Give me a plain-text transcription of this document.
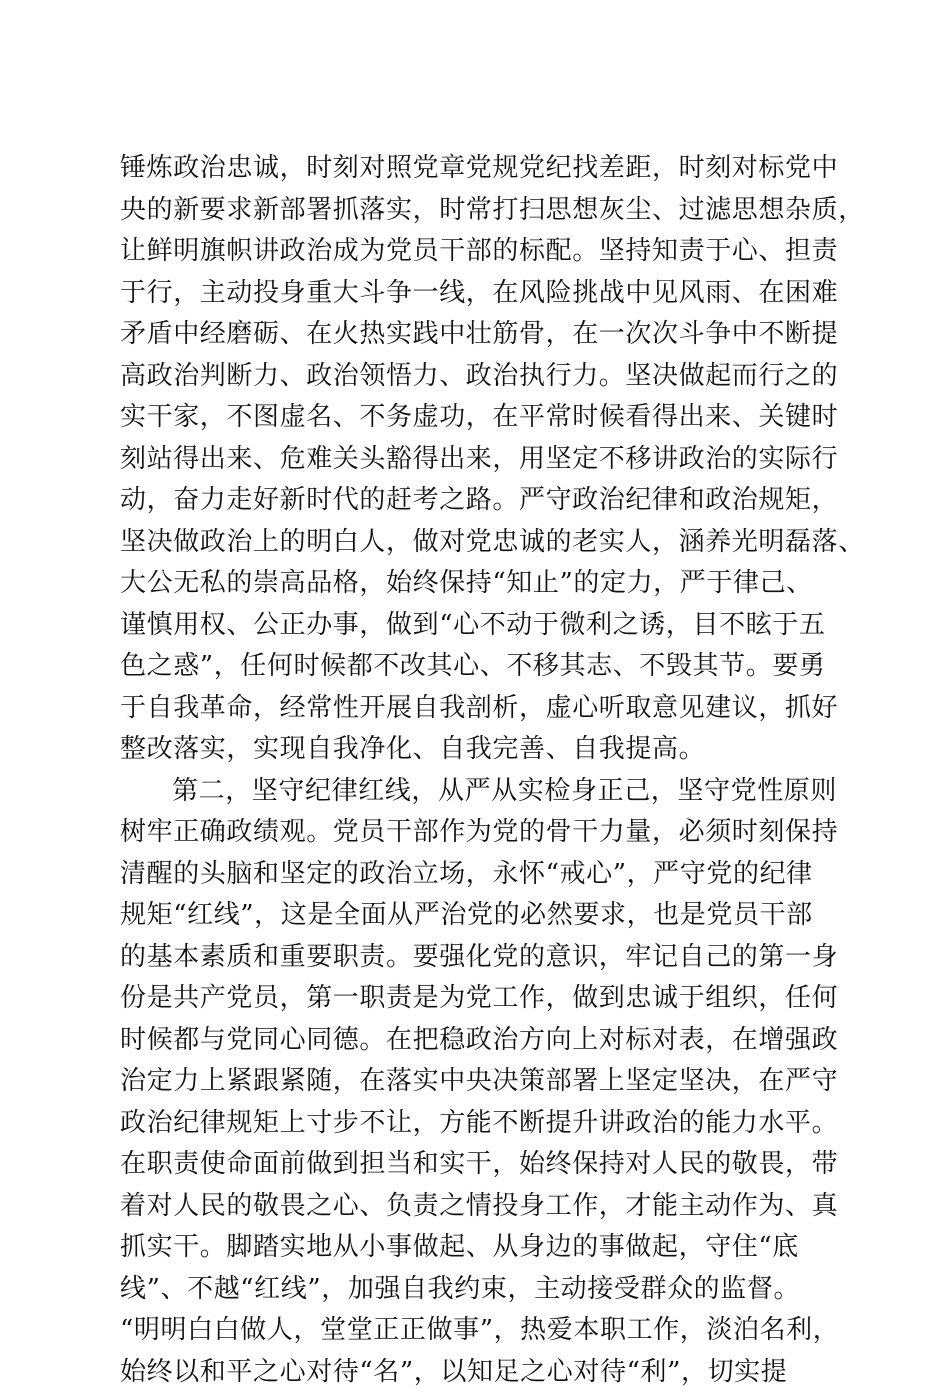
锤炼政治忠诚，时刻对照党章党规党纪找差距，时刻对标党中
央的新要求新部署抓落实，时常打扫思想灰尘、过滤思想杂质，
让鲜明旗帜讲政治成为党员干部的标配。坚持知责于心、担责
于行，主动投身重大斗争一线，在风险挑战中见风雨、在困难
矛盾中经磨砺、在火热实践中壮筋骨，在一次次斗争中不断提
高政治判断力、政治领悟力、政治执行力。坚决做起而行之的
实干家，不图虚名、不务虚功，在平常时候看得出来、关键时
刻站得出来、危难关头豁得出来，用坚定不移讲政治的实际行
动，奋力走好新时代的赶考之路。严守政治纪律和政治规矩，
坚决做政治上的明白人，做对党忠诚的老实人，涵养光明磊落、
大公无私的崇高品格，始终保持“知止”的定力，严于律己、
谨慎用权、公正办事，做到“心不动于微利之诱，目不眩于五
色之惑”，任何时候都不改其心、不移其志、不毁其节。要勇
于自我革命，经常性开展自我剖析，虚心听取意见建议，抓好
整改落实，实现自我净化、自我完善、自我提高。
第二，坚守纪律红线，从严从实检身正己，坚守党性原则
树牢正确政绩观。党员干部作为党的骨干力量，必须时刻保持
清醒的头脑和坚定的政治立场，永怀“戒心”，严守党的纪律
规矩“红线”，这是全面从严治党的必然要求，也是党员干部
的基本素质和重要职责。要强化党的意识，牢记自己的第一身
份是共产党员，第一职责是为党工作，做到忠诚于组织，任何
时候都与党同心同德。在把稳政治方向上对标对表，在增强政
治定力上紧跟紧随，在落实中央决策部署上坚定坚决，在严守
政治纪律规矩上寸步不让，方能不断提升讲政治的能力水平。
在职责使命面前做到担当和实干，始终保持对人民的敬畏，带
着对人民的敬畏之心、负责之情投身工作，才能主动作为、真
抓实干。脚踏实地从小事做起、从身边的事做起，守住“底
线”、不越“红线”，加强自我约束，主动接受群众的监督。
“明明白白做人，堂堂正正做事”，热爱本职工作，淡泊名利，
始终以和平之心对待“名”，以知足之心对待“利”，切实提
